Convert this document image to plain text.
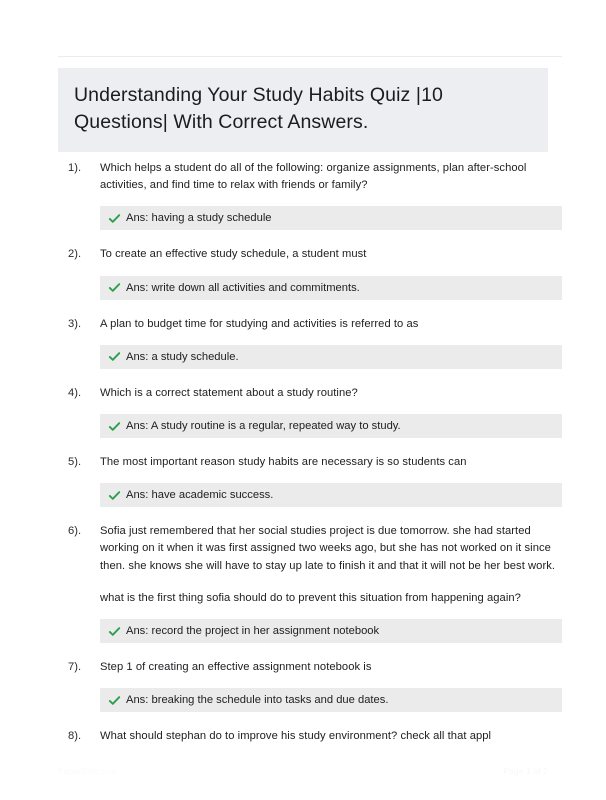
Understanding Your Study Habits Quiz |10 Questions| With Correct Answers.
1).	Which helps a student do all of the following: organize assignments, plan after-school activities, and find time to relax with friends or family?

Ans: having a study schedule
2).	To create an effective study schedule, a student must

Ans: write down all activities and commitments.
3).	A plan to budget time for studying and activities is referred to as

Ans: a study schedule.
4).	Which is a correct statement about a study routine?

Ans: A study routine is a regular, repeated way to study.
5).	The most important reason study habits are necessary is so students can

Ans: have academic success.
6).	Sofia just remembered that her social studies project is due tomorrow. she had started working on it when it was first assigned two weeks ago, but she has not worked on it since then. she knows she will have to stay up late to finish it and that it will not be her best work.

what is the first thing sofia should do to prevent this situation from happening again?

Ans: record the project in her assignment notebook
7).	Step 1 of creating an effective assignment notebook is

Ans: breaking the schedule into tasks and due dates.
8).	What should stephan do to improve his study environment? check all that appl

PaperStlic.com	Page 1 of 2
